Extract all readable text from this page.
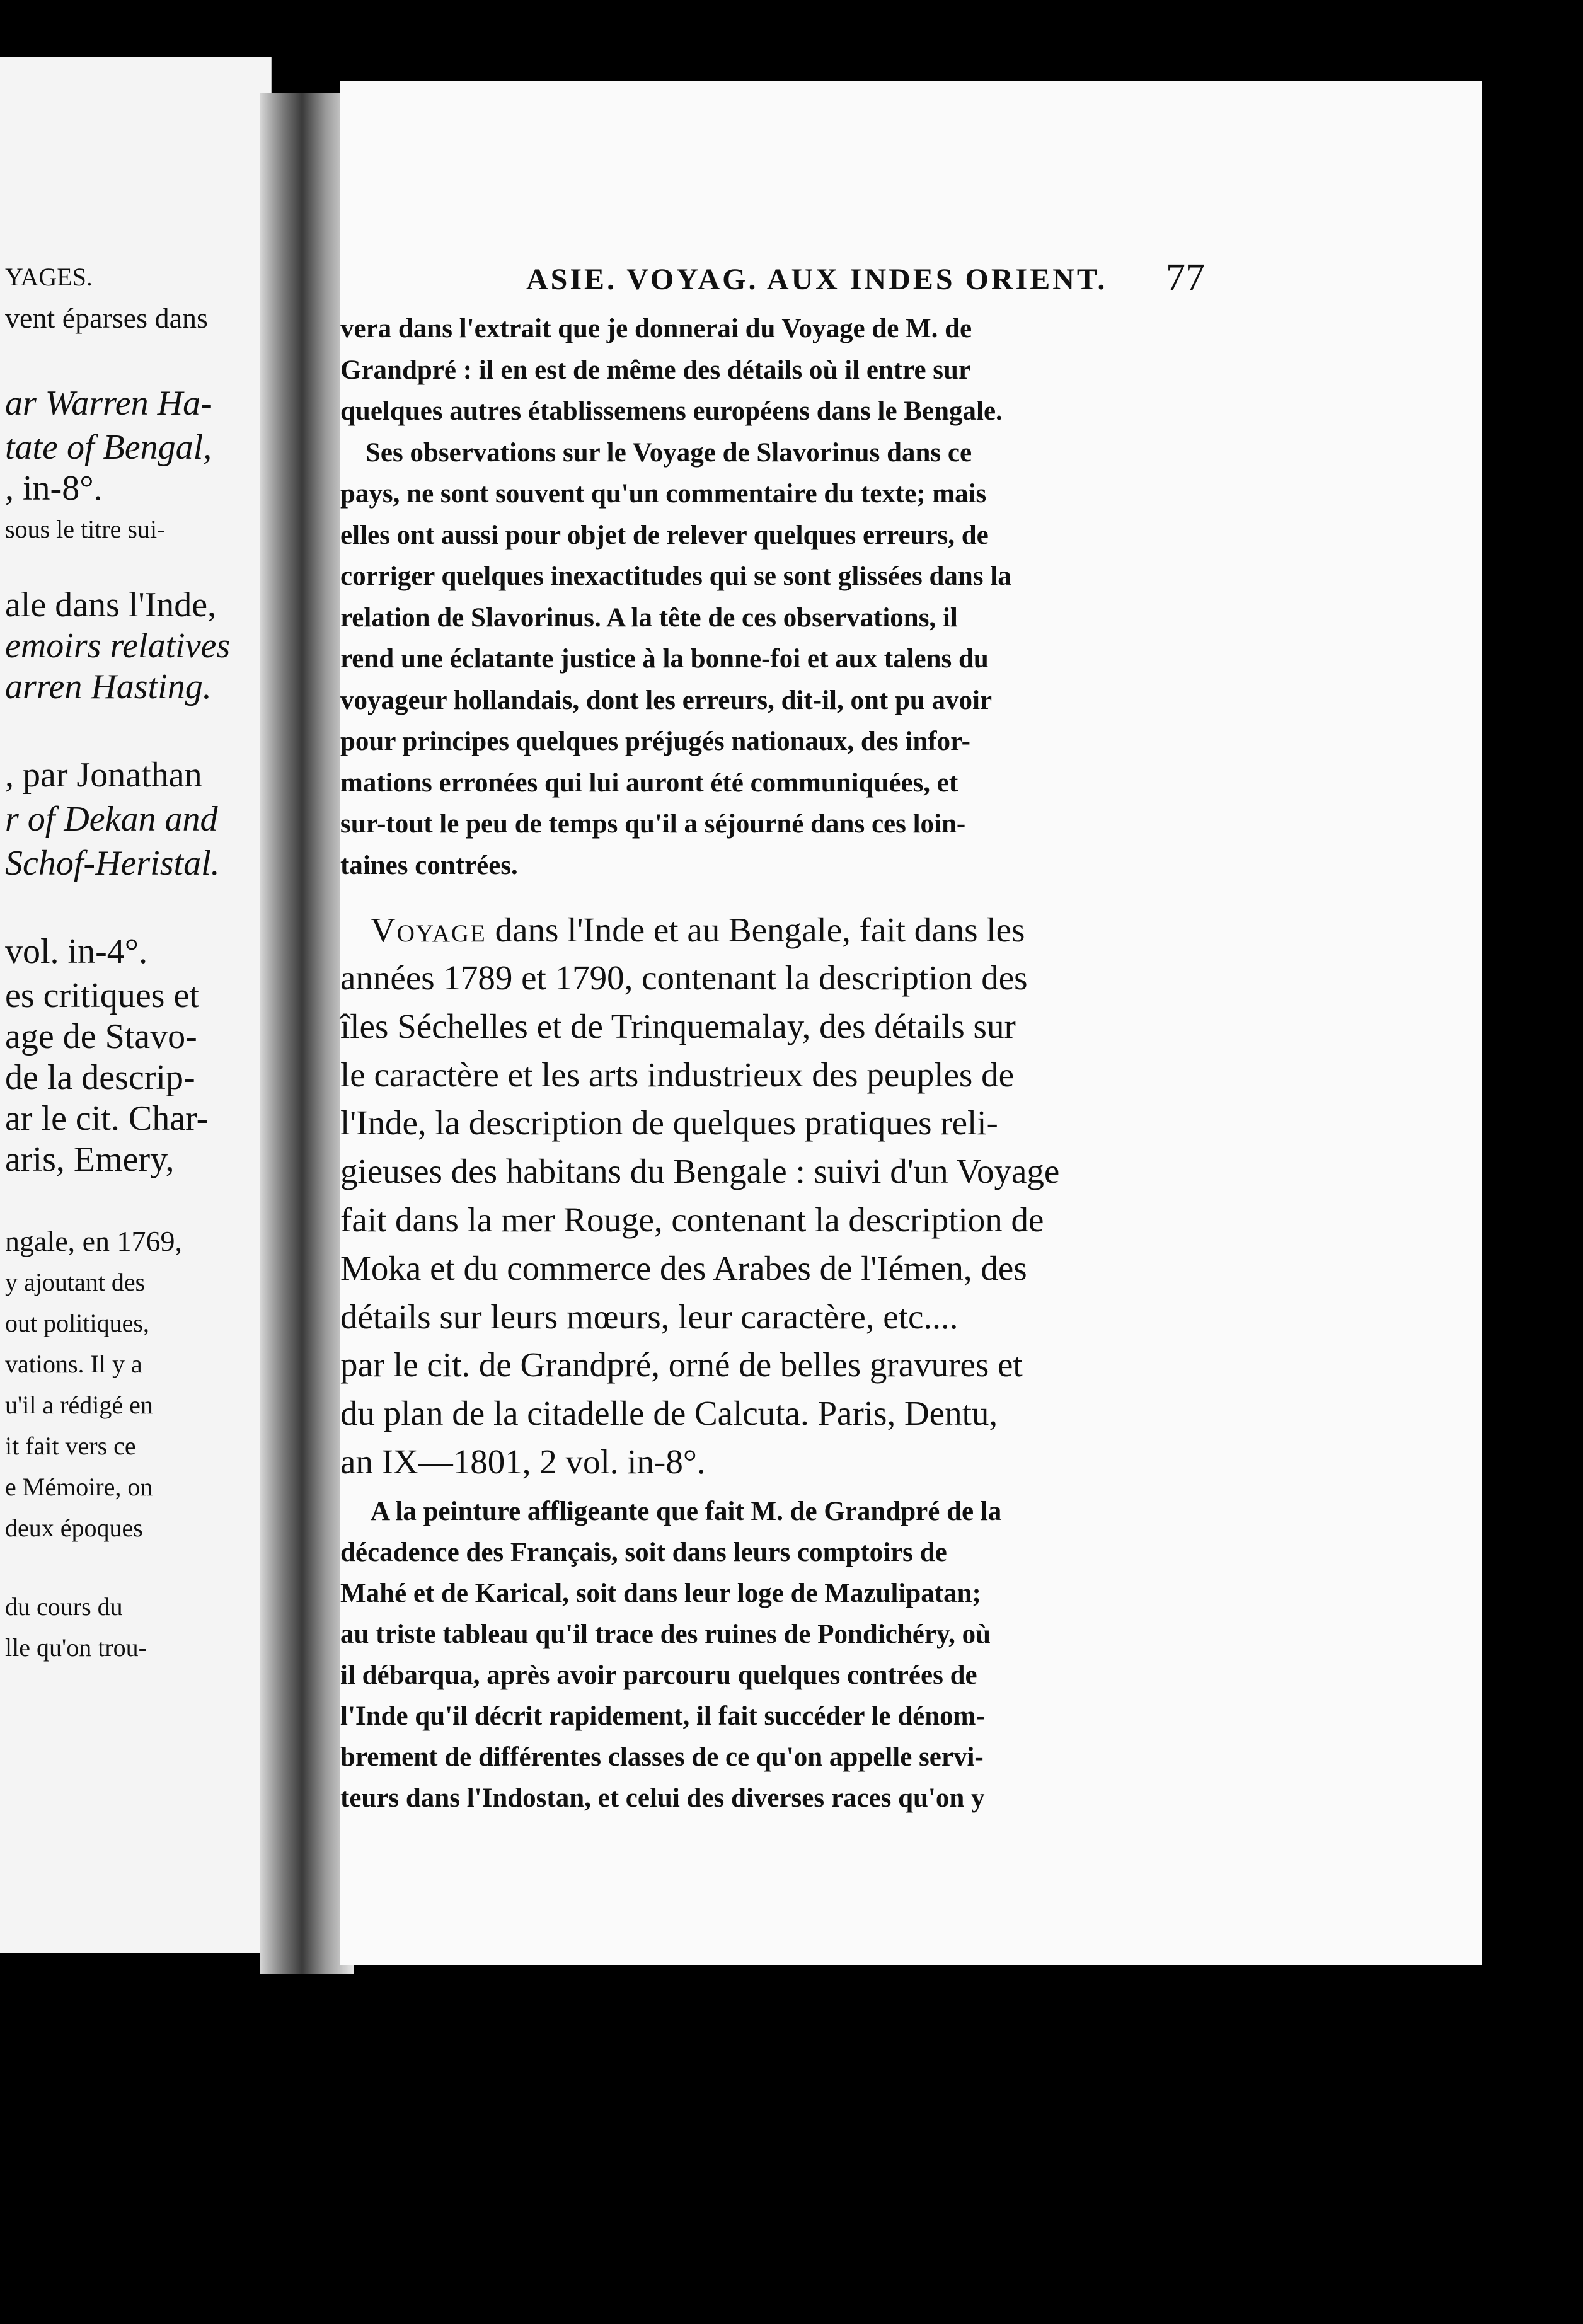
YAGES.
vent éparses dans
ar Warren Ha-
tate of Bengal,
, in-8°.
sous le titre sui-
ale dans l'Inde,
emoirs relatives
arren Hasting.
, par Jonathan
r of Dekan and
Schof-Heristal.
vol. in-4°.
es critiques et
age de Stavo-
de la descrip-
ar le cit. Char-
aris, Emery,
ngale, en 1769,
y ajoutant des
out politiques,
vations. Il y a
u'il a rédigé en
it fait vers ce
e Mémoire, on
deux époques
du cours du
lle qu'on trou-
ASIE. VOYAG. AUX INDES ORIENT. 77
vera dans l'extrait que je donnerai du Voyage de M. de
Grandpré : il en est de même des détails où il entre sur
quelques autres établissemens européens dans le Bengale.
Ses observations sur le Voyage de Slavorinus dans ce
pays, ne sont souvent qu'un commentaire du texte; mais
elles ont aussi pour objet de relever quelques erreurs, de
corriger quelques inexactitudes qui se sont glissées dans la
relation de Slavorinus. A la tête de ces observations, il
rend une éclatante justice à la bonne-foi et aux talens du
voyageur hollandais, dont les erreurs, dit-il, ont pu avoir
pour principes quelques préjugés nationaux, des infor-
mations erronées qui lui auront été communiquées, et
sur-tout le peu de temps qu'il a séjourné dans ces loin-
taines contrées.
Voyage dans l'Inde et au Bengale, fait dans les
années 1789 et 1790, contenant la description des
îles Séchelles et de Trinquemalay, des détails sur
le caractère et les arts industrieux des peuples de
l'Inde, la description de quelques pratiques reli-
gieuses des habitans du Bengale : suivi d'un Voyage
fait dans la mer Rouge, contenant la description de
Moka et du commerce des Arabes de l'Iémen, des
détails sur leurs mœurs, leur caractère, etc....
par le cit. de Grandpré, orné de belles gravures et
du plan de la citadelle de Calcuta. Paris, Dentu,
an IX—1801, 2 vol. in-8°.
A la peinture affligeante que fait M. de Grandpré de la
décadence des Français, soit dans leurs comptoirs de
Mahé et de Karical, soit dans leur loge de Mazulipatan;
au triste tableau qu'il trace des ruines de Pondichéry, où
il débarqua, après avoir parcouru quelques contrées de
l'Inde qu'il décrit rapidement, il fait succéder le dénom-
brement de différentes classes de ce qu'on appelle servi-
teurs dans l'Indostan, et celui des diverses races qu'on y
